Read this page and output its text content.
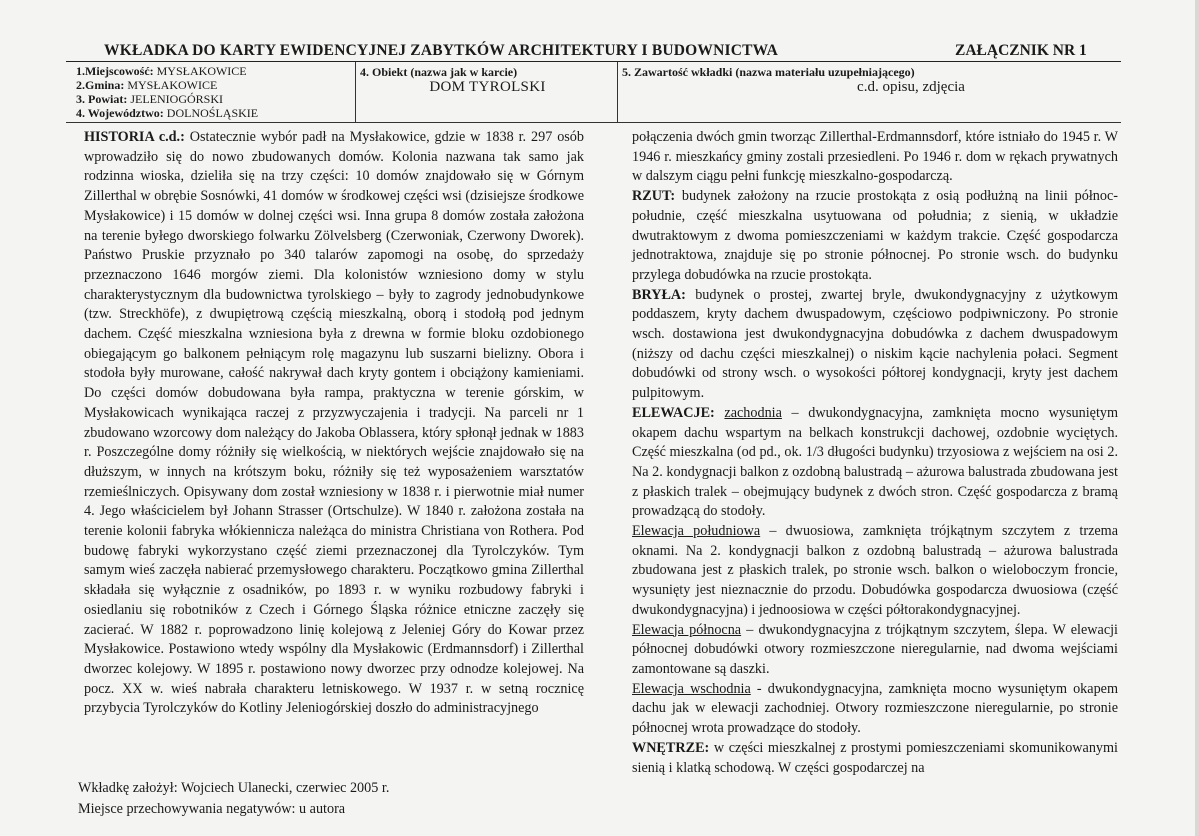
WKŁADKA DO KARTY EWIDENCYJNEJ ZABYTKÓW ARCHITEKTURY I BUDOWNICTWA	ZAŁĄCZNIK NR 1
1.Miejscowość: MYSŁAKOWICE
2.Gmina: MYSŁAKOWICE
3. Powiat: JELENIOGÓRSKI
4. Województwo: DOLNOŚLĄSKIE
4. Obiekt (nazwa jak w karcie)
DOM TYROLSKI
5. Zawartość wkładki (nazwa materiału uzupełniającego)
c.d. opisu, zdjęcia

HISTORIA c.d.: Ostatecznie wybór padł na Mysłakowice, gdzie w 1838 r. 297 osób wprowadziło się do nowo zbudowanych domów. Kolonia nazwana tak samo jak rodzinna wioska, dzieliła się na trzy części: 10 domów znajdowało się w Górnym Zillerthal w obrębie Sosnówki, 41 domów w środkowej części wsi (dzisiejsze środkowe Mysłakowice) i 15 domów w dolnej części wsi. Inna grupa 8 domów została założona na terenie byłego dworskiego folwarku Zölvelsberg (Czerwoniak, Czerwony Dworek). Państwo Pruskie przyznało po 340 talarów zapomogi na osobę, do sprzedaży przeznaczono 1646 morgów ziemi. Dla kolonistów wzniesiono domy w stylu charakterystycznym dla budownictwa tyrolskiego – były to zagrody jednobudynkowe (tzw. Streckhöfe), z dwupiętrową częścią mieszkalną, oborą i stodołą pod jednym dachem. Część mieszkalna wzniesiona była z drewna w formie bloku ozdobionego obiegającym go balkonem pełniącym rolę magazynu lub suszarni bielizny. Obora i stodoła były murowane, całość nakrywał dach kryty gontem i obciążony kamieniami. Do części domów dobudowana była rampa, praktyczna w terenie górskim, w Mysłakowicach wynikająca raczej z przyzwyczajenia i tradycji. Na parceli nr 1 zbudowano wzorcowy dom należący do Jakoba Oblassera, który spłonął jednak w 1883 r. Poszczególne domy różniły się wielkością, w niektórych wejście znajdowało się na dłuższym, w innych na krótszym boku, różniły się też wyposażeniem warsztatów rzemieślniczych. Opisywany dom został wzniesiony w 1838 r. i pierwotnie miał numer 4. Jego właścicielem był Johann Strasser (Ortschulze). W 1840 r. założona została na terenie kolonii fabryka włókiennicza należąca do ministra Christiana von Rothera. Pod budowę fabryki wykorzystano część ziemi przeznaczonej dla Tyrolczyków. Tym samym wieś zaczęła nabierać przemysłowego charakteru. Początkowo gmina Zillerthal składała się wyłącznie z osadników, po 1893 r. w wyniku rozbudowy fabryki i osiedlaniu się robotników z Czech i Górnego Śląska różnice etniczne zaczęły się zacierać. W 1882 r. poprowadzono linię kolejową z Jeleniej Góry do Kowar przez Mysłakowice. Postawiono wtedy wspólny dla Mysłakowic (Erdmannsdorf) i Zillerthal dworzec kolejowy. W 1895 r. postawiono nowy dworzec przy odnodze kolejowej. Na pocz. XX w. wieś nabrała charakteru letniskowego. W 1937 r. w setną rocznicę przybycia Tyrolczyków do Kotliny Jeleniogórskiej doszło do administracyjnego

połączenia dwóch gmin tworząc Zillerthal-Erdmannsdorf, które istniało do 1945 r. W 1946 r. mieszkańcy gminy zostali przesiedleni. Po 1946 r. dom w rękach prywatnych w dalszym ciągu pełni funkcję mieszkalno-gospodarczą.

RZUT: budynek założony na rzucie prostokąta z osią podłużną na linii północ-południe, część mieszkalna usytuowana od południa; z sienią, w układzie dwutraktowym z dwoma pomieszczeniami w każdym trakcie. Część gospodarcza jednotraktowa, znajduje się po stronie północnej. Po stronie wsch. do budynku przylega dobudówka na rzucie prostokąta.

BRYŁA: budynek o prostej, zwartej bryle, dwukondygnacyjny z użytkowym poddaszem, kryty dachem dwuspadowym, częściowo podpiwniczony. Po stronie wsch. dostawiona jest dwukondygnacyjna dobudówka z dachem dwuspadowym (niższy od dachu części mieszkalnej) o niskim kącie nachylenia połaci. Segment dobudówki od strony wsch. o wysokości półtorej kondygnacji, kryty jest dachem pulpitowym.

ELEWACJE: zachodnia – dwukondygnacyjna, zamknięta mocno wysuniętym okapem dachu wspartym na belkach konstrukcji dachowej, ozdobnie wyciętych. Część mieszkalna (od pd., ok. 1/3 długości budynku) trzyosiowa z wejściem na osi 2. Na 2. kondygnacji balkon z ozdobną balustradą – ażurowa balustrada zbudowana jest z płaskich tralek – obejmujący budynek z dwóch stron. Część gospodarcza z bramą prowadzącą do stodoły.

Elewacja południowa – dwuosiowa, zamknięta trójkątnym szczytem z trzema oknami. Na 2. kondygnacji balkon z ozdobną balustradą – ażurowa balustrada zbudowana jest z płaskich tralek, po stronie wsch. balkon o wieloboczym froncie, wysunięty jest nieznacznie do przodu. Dobudówka gospodarcza dwuosiowa (część dwukondygnacyjna) i jednoosiowa w części półtorakondygnacyjnej.

Elewacja północna – dwukondygnacyjna z trójkątnym szczytem, ślepa. W elewacji północnej dobudówki otwory rozmieszczone nieregularnie, nad dwoma wejściami zamontowane są daszki.

Elewacja wschodnia - dwukondygnacyjna, zamknięta mocno wysuniętym okapem dachu jak w elewacji zachodniej. Otwory rozmieszczone nieregularnie, po stronie północnej wrota prowadzące do stodoły.

WNĘTRZE: w części mieszkalnej z prostymi pomieszczeniami skomunikowanymi sienią i klatką schodową. W części gospodarczej na

Wkładkę założył: Wojciech Ulanecki, czerwiec 2005 r.
Miejsce przechowywania negatywów: u autora
